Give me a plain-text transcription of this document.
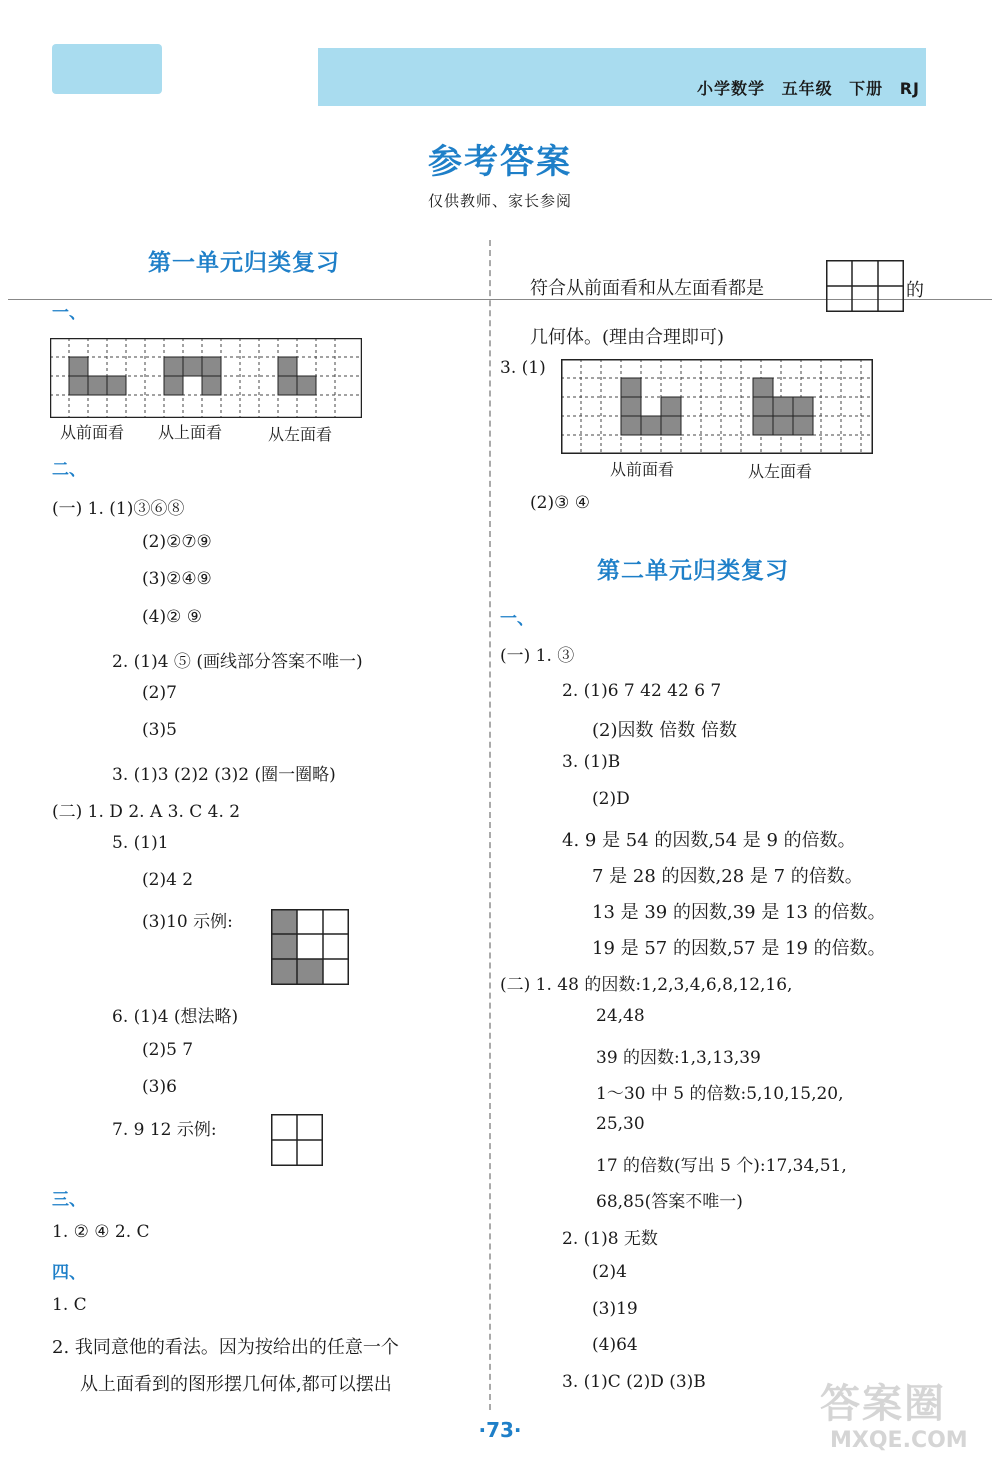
小学数学 五年级 下册 RJ
参考答案
仅供教师、家长参阅
第一单元归类复习
一、
从前面看 从上面看	从左面看
二、
(一) 1. (1)③⑥⑧
(2)②⑦⑨
(3)②④⑨
(4)② ⑨
2. (1)4 ⑤ (画线部分答案不唯一)
(2)7
(3)5
3. (1)3 (2)2 (3)2 (圈一圈略)
(二) 1. D 2. A 3. C 4. 2
5. (1)1
(2)4 2
(3)10 示例:
6. (1)4 (想法略)
(2)5 7
(3)6
7. 9 12 示例:
三、
1. ② ④ 2. C
四、
1. C
2. 我同意他的看法。因为按给出的任意一个
从上面看到的图形摆几何体,都可以摆出
符合从前面看和从左面看都是	的
几何体。(理由合理即可)
3. (1)
从前面看	从左面看
(2)③ ④
第二单元归类复习
一、
(一) 1. ③
2. (1)6 7 42 42 6 7
(2)因数 倍数 倍数
3. (1)B
(2)D
4. 9 是 54 的因数,54 是 9 的倍数。
7 是 28 的因数,28 是 7 的倍数。
13 是 39 的因数,39 是 13 的倍数。
19 是 57 的因数,57 是 19 的倍数。
(二) 1. 48 的因数:1,2,3,4,6,8,12,16,
24,48
39 的因数:1,3,13,39
1～30 中 5 的倍数:5,10,15,20,
25,30
17 的倍数(写出 5 个):17,34,51,
68,85(答案不唯一)
2. (1)8 无数
(2)4
(3)19
(4)64
3. (1)C (2)D (3)B
·73·
答案圈
MXQE.COM
